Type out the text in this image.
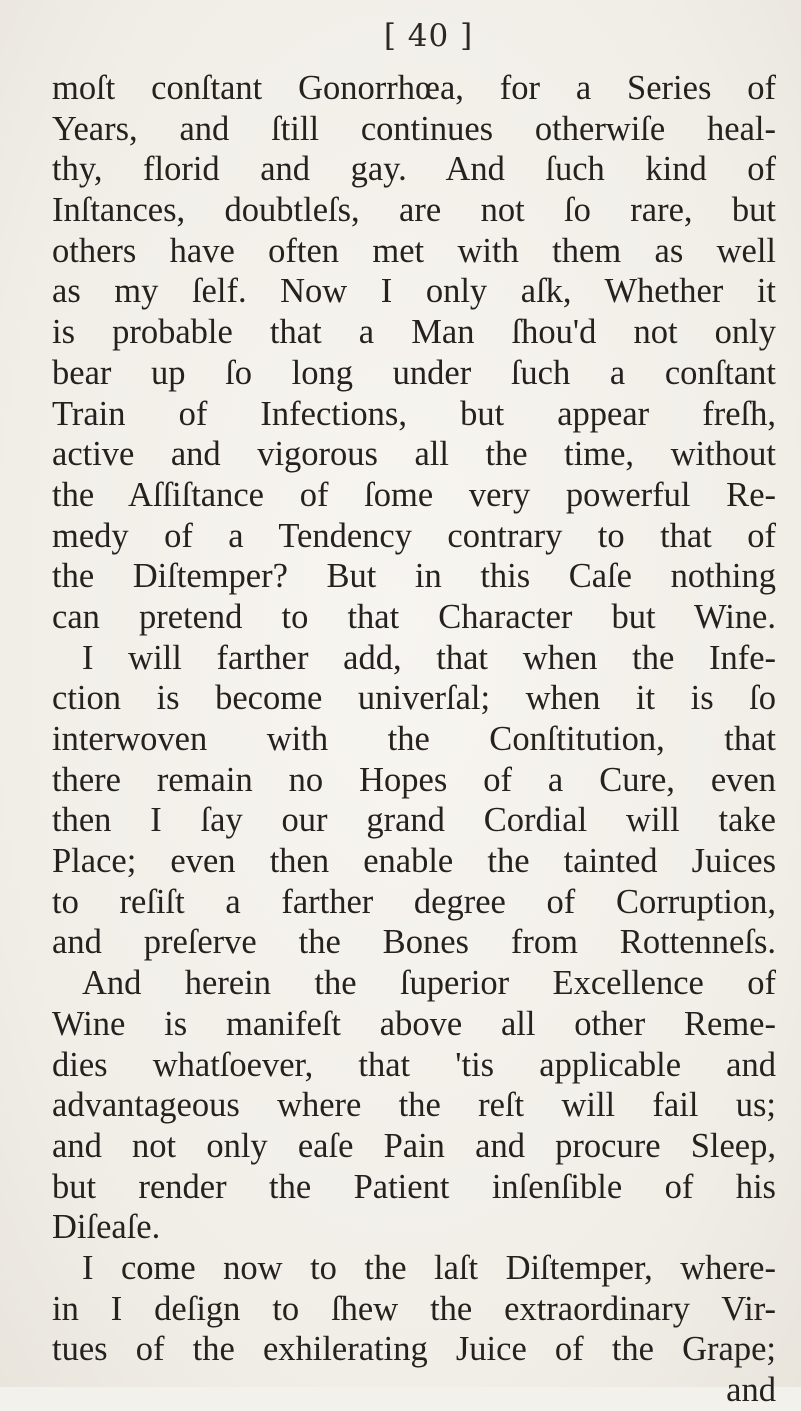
[ 40 ]
moſt conſtant Gonorrhœa, for a Series of
Years, and ſtill continues otherwiſe heal-
thy, florid and gay. And ſuch kind of
Inſtances, doubtleſs, are not ſo rare, but
others have often met with them as well
as my ſelf. Now I only aſk, Whether it
is probable that a Man ſhou'd not only
bear up ſo long under ſuch a conſtant
Train of Infections, but appear freſh,
active and vigorous all the time, without
the Aſſiſtance of ſome very powerful Re-
medy of a Tendency contrary to that of
the Diſtemper? But in this Caſe nothing
can pretend to that Character but Wine.
I will farther add, that when the Infe-
ction is become univerſal; when it is ſo
interwoven with the Conſtitution, that
there remain no Hopes of a Cure, even
then I ſay our grand Cordial will take
Place; even then enable the tainted Juices
to reſiſt a farther degree of Corruption,
and preſerve the Bones from Rottenneſs.
And herein the ſuperior Excellence of
Wine is manifeſt above all other Reme-
dies whatſoever, that 'tis applicable and
advantageous where the reſt will fail us;
and not only eaſe Pain and procure Sleep,
but render the Patient inſenſible of his
Diſeaſe.
I come now to the laſt Diſtemper, where-
in I deſign to ſhew the extraordinary Vir-
tues of the exhilerating Juice of the Grape;
and
